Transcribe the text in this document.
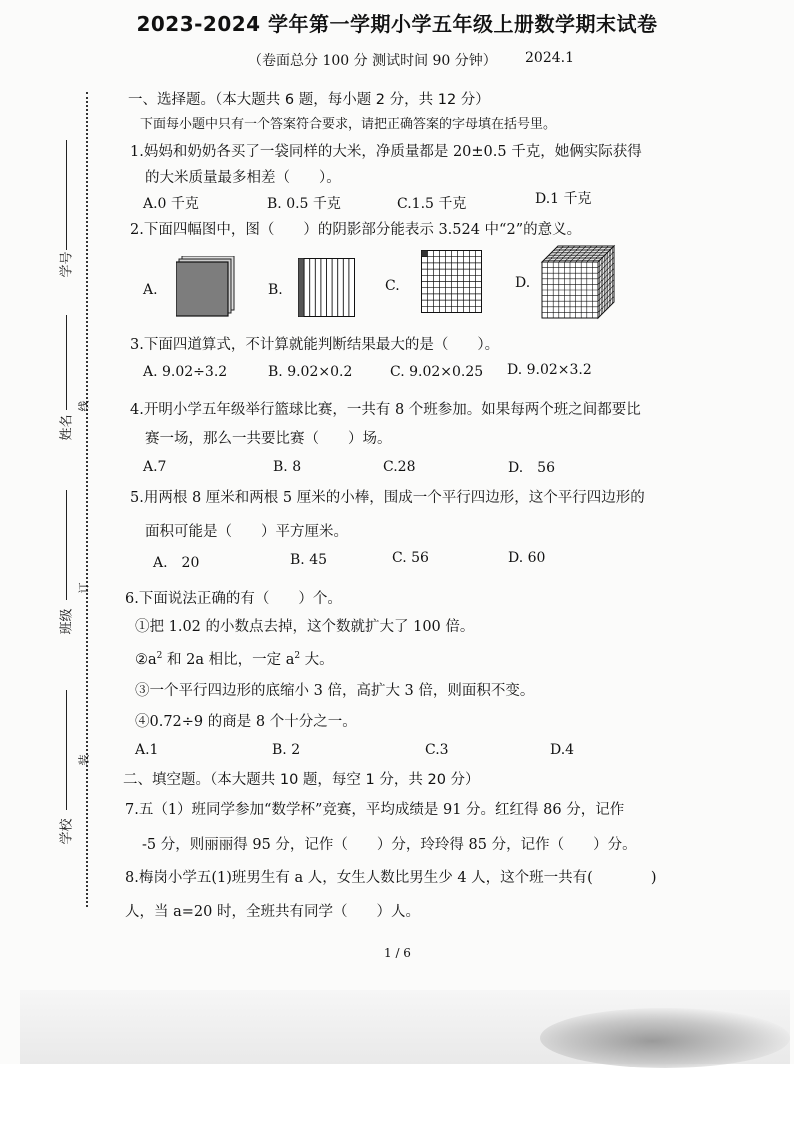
2023-2024 学年第一学期小学五年级上册数学期末试卷
（卷面总分 100 分 测试时间 90 分钟） 2024.1
学号
姓名
线
班级
订
装
学校
一、选择题。（本大题共 6 题，每小题 2 分，共 12 分）
下面每小题中只有一个答案符合要求，请把正确答案的字母填在括号里。
1.妈妈和奶奶各买了一袋同样的大米，净质量都是 20±0.5 千克，她俩实际获得
的大米质量最多相差（　　）。
A.0 千克	B. 0.5 千克	C.1.5 千克	D.1 千克
2.下面四幅图中，图（　　）的阴影部分能表示 3.524 中“2”的意义。
A.	B.	C.	D.
3.下面四道算式，不计算就能判断结果最大的是（　　）。
A. 9.02÷3.2	B. 9.02×0.2	C. 9.02×0.25 D. 9.02×3.2
4.开明小学五年级举行篮球比赛，一共有 8 个班参加。如果每两个班之间都要比
赛一场，那么一共要比赛（　　）场。
A.7	B. 8	C.28	D.　56
5.用两根 8 厘米和两根 5 厘米的小棒，围成一个平行四边形，这个平行四边形的
面积可能是（　　）平方厘米。
A.　20	B. 45	C. 56	D. 60
6.下面说法正确的有（　　）个。
①把 1.02 的小数点去掉，这个数就扩大了 100 倍。
$②a^2$ 和 2a 相比，一定 $a^2$ 大。
③一个平行四边形的底缩小 3 倍，高扩大 3 倍，则面积不变。
④0.72÷9 的商是 8 个十分之一。
A.1	B. 2	C.3	D.4
二、填空题。（本大题共 10 题，每空 1 分，共 20 分）
7.五（1）班同学参加“数学杯”竞赛，平均成绩是 91 分。红红得 86 分，记作
-5 分，则丽丽得 95 分，记作（　　）分，玲玲得 85 分，记作（　　）分。
8.梅岗小学五(1)班男生有 a 人，女生人数比男生少 4 人，这个班一共有(　　　　)
人，当 a=20 时，全班共有同学（　　）人。
1 / 6
